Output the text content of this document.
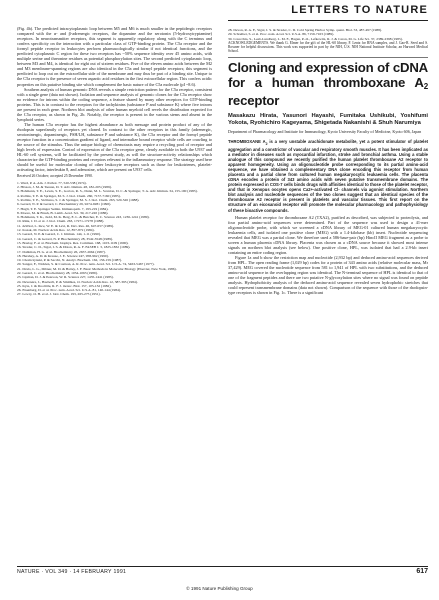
LETTERS TO NATURE

(Fig. 4b). The predicted intracytoplasmic loop between M5 and M6 is much smaller in the peptidergic receptors compared with the α- and β-adrenergic receptors, the dopamine and the serotonin (5-hydroxytryptamine) receptors. In neurotransmitter receptors, this segment is apparently regulatory along with the C terminus and confers specificity on the interaction with a particular class of GTP-binding protein. The C5a receptor and the formyl peptide receptor in leukocytes perform pharmacologically similar if not identical functions, and the predicted cytoplasmic C region for these two receptors has ~50% sequence identity over 45 amino acids, with multiple serine and threonine residues as potential phosphorylation sites. The second predicted cytoplasmic loop, between M3 and M4, is identical for eight out of sixteen residues. Five of the eleven amino acids between the M2 and M3 membrane-spanning regions are also identical in the C5a and formyl peptide receptors; this segment is predicted to loop out on the extracellular side of the membrane and may thus be part of a binding site. Unique to the C5a receptor is the presence of seven aspartic acid residues in the first extracellular region. This confers acidic properties on this putative binding site which complement the basic nature of the C5a molecule (pI ~8.6).

Southern analysis of human genomic DNA reveals a simple restriction pattern for the C5a receptor, consistent with a single gene (data not shown). Isolation and sequence analysis of genomic clones for the C5a receptor show no evidence for introns within the coding sequence, a feature shared by many other receptors for GTP-binding proteins. This is in contrast to the receptors for the tachykinins (substance P and substance K) where five introns are present in each gene. Northern blot analysis of other human myeloid cell revels the distribution expected for the C5a receptor, as shown in Fig. 2b. Notably, the receptor is present in the various stems and absent in the lymphoid series.

The human C5a receptor has the highest abundance as both message and protein product of any of the rhodopsin superfamily of receptors yet cloned. In contrast to the other receptors in this family (adrenergic, serotoninergic, dopaminergic, FSH/LH, substance P and substance K), the C5a receptor and the formyl peptide receptor function in a concentration gradient of ligand, and internalize bound receptor while cells are crawling to the source of the stimulus. Thus the unique biology of chemotaxis may require a recycling pool of receptor and high levels of expression. Control of expression of the C5a receptor gene, clearly available in both the U937 and HL-60 cell systems, will be facilitated by the present study, as will the structure-activity relationships which characterize the GTP-binding proteins and receptors relevant to the inflammatory response. The strategy used here should be useful for molecular cloning of other leukocyte receptors such as those for leukotrienes, platelet-activating factor, interleukin 8, and adenosine, which are present on U937 cells.

Received 26 October; accepted 25 December 1990.
1. Ward, P. A. Am. J. Pathol. 77, 520-538 (1974).
2. Hixson, J. M. & Tseuan, D. T. Adv. Immun. 48, 182-203 (1989).
3. Hohmann, T. E., Lewis, S. E., Gorton, R. S., Dunn, M. L. Scanlon, D. C. & Springer, T. A. Adv. Immun. 34, 155-190 (1983).
4. Rollins, T. E. & Springer, M. S. J. biol. Chem. 260, 7157-7160 (1985).
5. Rollins, T. E., Siciliano, S. J. & Springer, M. S. J. biol. Chem. 263, 520-526 (1988).
6. Gerard, N. P. & Gerard, C. Biochemistry 29, 9274-9281 (1990).
7. Hugli, T. E. Springer Semin. Immunopath. 7, 193-219 (1984).
8. Moore, M. & Brash, B. Lamb. Acad. Sci. 39, 217-220 (1986).
9. Hohmann, T. K., Judd, M. K. Berg, E. L. & Butcher, E. C. Science 243, 1236-1241 (1989).
10. Rink, J. D. et al. J. biol. Chem. 263, 17271-17278 (1988).
11. deWaal, L. Ince, W. E. & Levi, R. Dev. Res. 46, 647-657 (1989).
12. Kozak, M. Nucleic Acids Res. 12, 857-872 (1984).
13. Gerard, N. P. & Gerard, C. J. Immun. 144, 1-11 (1990).
14. Gerard, C. & Gerard, N. P. Biochemistry 28, 3542-3548 (1989).
15. Boulay, F. et al. Biochem. biophys. Res. Commun. 168, 1103-1109 (1990).
16. Strader, C. D., Sigal, I. S. & Dixon, R. A. F. FASEB J. 3, 1825-1832 (1989).
17. Dohlman, H. G. et al. Biochemistry 26, 2657-2664 (1987).
18. Hershey, A. D. & Krause, J. E. Science 247, 958-962 (1990).
19. Chomczynski, P. & Sacchi, N. Analyt. Biochem. 162, 156-159 (1987).
20. Sanger, F., Nicklen, S. & Coulson, A. R. Proc. natn. Acad. Sci. U.S.A. 74, 5463-5467 (1977).
21. Davis, L. G., Dibner, M. D. & Battey, J. F. Basic Methods in Molecular Biology (Elsevier, New York, 1986).
22. Gerard, C. et al. Biochemistry 28, 1054-1063 (1989).
23. Lipman, D. J. & Pearson, W. R. Science 227, 1435-1441 (1985).
24. Devereux, J., Haeberli, P. & Smithies, O. Nucleic Acids Res. 12, 387-395 (1984).
25. Kyte, J. & Doolittle, R. F. J. molec. Biol. 157, 105-132 (1982).
26. Eisenberg, D. et al. Proc. natn. Acad. Sci. U.S.A. 81, 140-144 (1984).
27. Lowry, O. H. et al. J. biol. Chem. 193, 265-275 (1951).
28. Devon, R. A. F., Sigal, I. S. & Strader, C. D. Cold Spring Harbor Symp. quant. Biol. 53, 487-497 (1988).
29. Schreiber, S. et al. Proc. natn. Acad. Sci. U.S.A. 86, 7159-7163 (1989).
30. Cotecchia, S., Leeb-Lundberg, L. M. F., Hagen, P.-O., Lefkowitz, R. J. & Caron, M. G. Life Sci. 37, 2389-2398 (1985).
ACKNOWLEDGEMENTS. We thank G. Elmer for the gift of the HL-60 library, F. Lentz for RNA samples, and J. Gao-R. Seed and S. Rossner for helpful discussions. This work was supported in part by the NIH, U.S. NIH National Institute Scholar, an Harvard Medical School.
Cloning and expression of cDNA for a human thromboxane $A_2$ receptor
Masakazu Hirata, Yasunori Hayashi, Fumitaka Ushikubi, Yoshifumi Yokota, Ryohichiro Kageyama, Shigetada Nakanishi & Shuh Narumiya
Department of Pharmacology and Institute for Immunology, Kyoto University Faculty of Medicine, Kyoto 606, Japan
THROMBOXANE $A_2$ is a very unstable arachidonate metabolite, yet a potent stimulator of platelet aggregation and a constrictor of vascular and respiratory smooth muscles. It has been implicated as a mediator in diseases such as myocardial infarction, stroke and bronchial asthma. Using a stable analogue of this compound we recently purified the human platelet thromboxane A2 receptor to apparent homogeneity. Using an oligonucleotide probe corresponding to its partial amino-acid sequence, we have obtained a complementary DNA clone encoding this receptor from human placenta and a partial clone from cultured human megakaryocytic leukaemia cells. The placenta cDNA encodes a protein of 343 amino acids with seven putative transmembrane domains. The protein expressed in COS-7 cells binds drugs with affinities identical to those of the platelet receptor, and that in Xenopus oocytes opens Ca2+-activated Cl- channels via agonist stimulation. Northern blot analysis and nucleotide sequences of the two clones suggest that an identical species of the thromboxane A2 receptor is present in platelets and vascular tissues. This first report on the structure of an eicosanoid receptor will promote the molecular pharmacology and pathophysiology of these bioactive compounds.

Human platelet receptor for thromboxane A2 (TXA2), purified as described, was subjected to proteolysis, and four partial amino-acid sequences were determined. Part of the sequence was used to design a 41-mer oligonucleotide probe, with which we screened a cDNA library of MEG-01 cultured human megakaryocytic leukaemia cells, and isolated one positive clone (MEG) with a 1.4-kilobase (kb) insert. Nucleotide sequencing revealed that MEG was a partial clone. We therefore used a 586-base-pair (bp) HincII MEG fragment as a probe to screen a human placenta cDNA library. Placenta was chosen as a cDNA source because it showed most intense signals on northern blot analysis (see below). One positive clone, HPL, was isolated that had a 2.9-kb insert containing an entire coding region.

Figure 1a and b show the restriction map and nucleotide (2,932 bp) and deduced amino-acid sequences derived from HPL. The open reading frame (1,029 bp) codes for a protein of 343 amino acids (relative molecular mass, Mr 37,429). MEG covered the nucleotide sequence from 581 to 1,941 of HPL with two substitutions, and the deduced amino-acid sequence in the overlapping region was identical. The N-terminal sequence of HPL is identical to that of one of the fragment peptides and there are two putative N-glycosylation sites where no signal was found on peptide analysis. Hydrophobicity analysis of the deduced amino-acid sequence revealed seven hydrophobic stretches that could represent transmembrane domains (data not shown). Comparison of the sequence with those of the rhodopsin-type receptors is shown in Fig. 1c. There is a significant

NATURE · VOL 349 · 14 FEBRUARY 1991	617
© 1991 Nature Publishing Group
